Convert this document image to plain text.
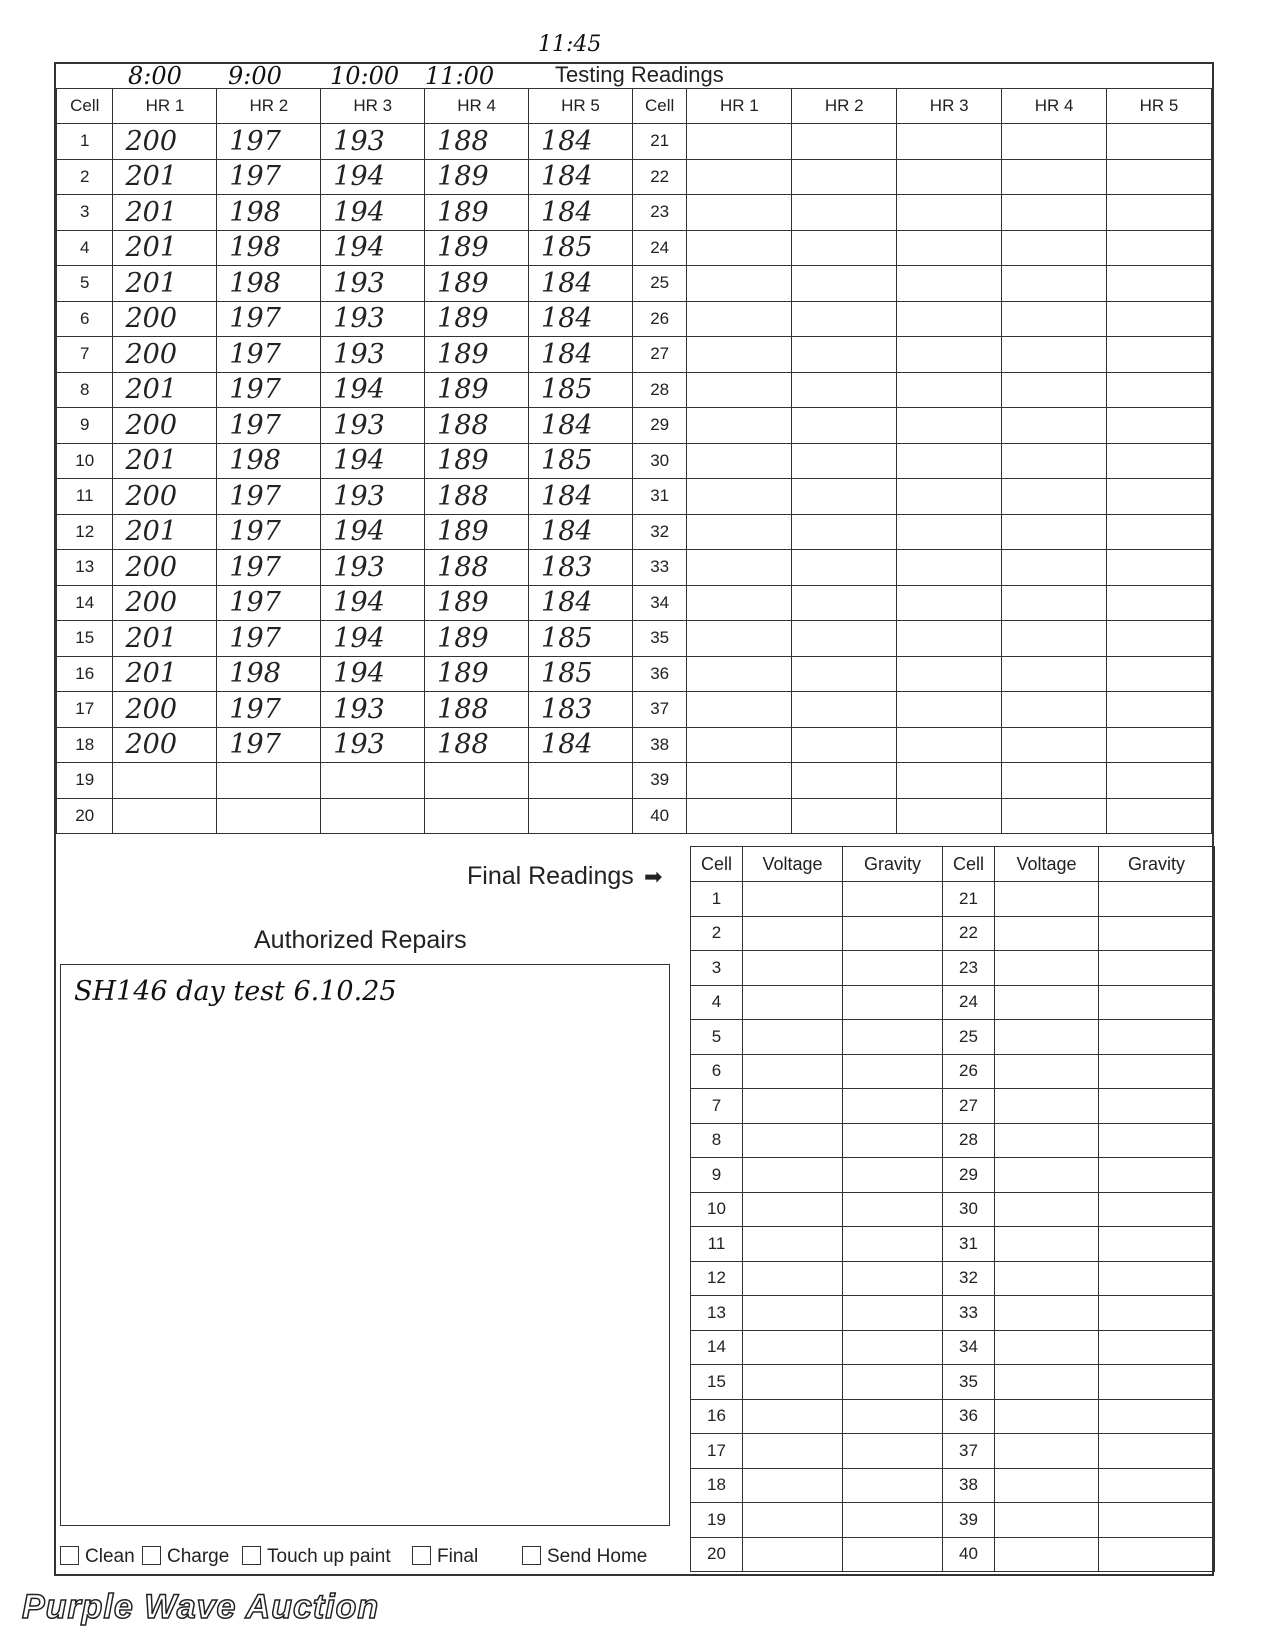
8:00 9:00 10:00 11:00
11:45
Testing Readings
Cell	HR 1	HR 2	HR 3	HR 4	HR 5	Cell	HR 1	HR 2	HR 3	HR 4	HR 5
1	200	197	193	188	184	21					
2	201	197	194	189	184	22					
3	201	198	194	189	184	23					
4	201	198	194	189	185	24					
5	201	198	193	189	184	25					
6	200	197	193	189	184	26					
7	200	197	193	189	184	27					
8	201	197	194	189	185	28					
9	200	197	193	188	184	29					
10	201	198	194	189	185	30					
11	200	197	193	188	184	31					
12	201	197	194	189	184	32					
13	200	197	193	188	183	33					
14	200	197	194	189	184	34					
15	201	197	194	189	185	35					
16	201	198	194	189	185	36					
17	200	197	193	188	183	37					
18	200	197	193	188	184	38					
19						39					
20						40					
Final Readings ➡
Cell	Voltage	Gravity	Cell	Voltage	Gravity
1			21		
2			22		
3			23		
4			24		
5			25		
6			26		
7			27		
8			28		
9			29		
10			30		
11			31		
12			32		
13			33		
14			34		
15			35		
16			36		
17			37		
18			38		
19			39		
20			40		
Authorized Repairs
SH146 day test 6.10.25
Clean	Charge	Touch up paint	Final	Send Home
Purple Wave Auction
